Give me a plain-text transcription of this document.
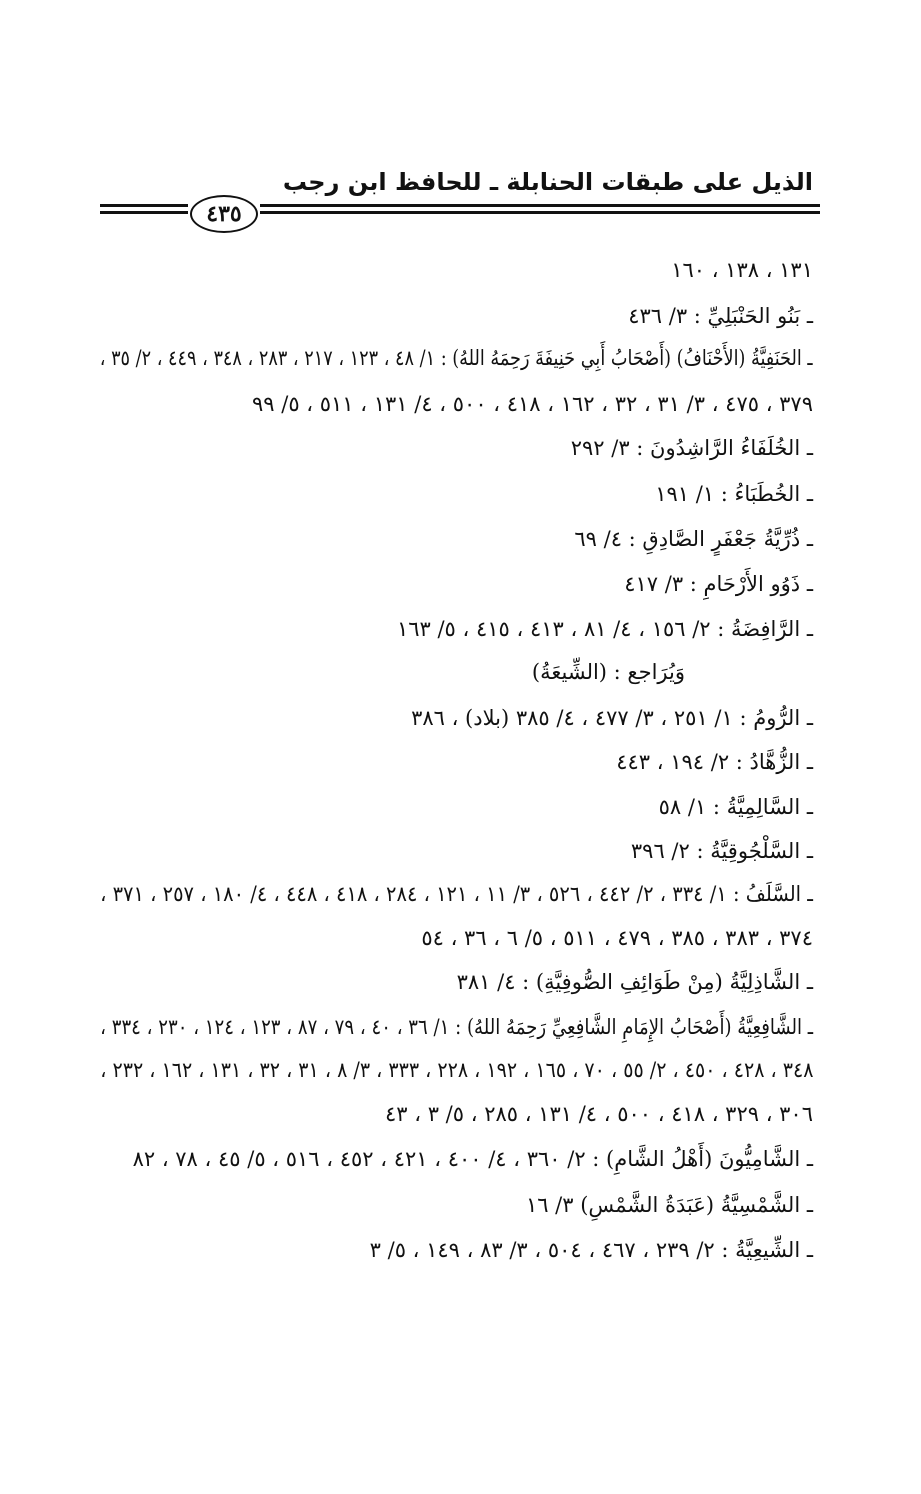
الذيل على طبقات الحنابلة ـ للحافظ ابن رجب
٤٣٥
١٣١ ، ١٣٨ ، ١٦٠
ـ بَنُو الحَنْبَلِيِّ : ٣/ ٤٣٦
ـ الحَنَفِيَّةُ (الأَحْنَافُ) (أَصْحَابُ أَبِي حَنِيفَةَ رَحِمَهُ اللهُ) : ١/ ٤٨ ، ١٢٣ ، ٢١٧ ، ٢٨٣ ، ٣٤٨ ، ٤٤٩ ، ٢/ ٣٥ ،
٣٧٩ ، ٤٧٥ ، ٣/ ٣١ ، ٣٢ ، ١٦٢ ، ٤١٨ ، ٥٠٠ ، ٤/ ١٣١ ، ٥١١ ، ٥/ ٩٩
ـ الخُلَفَاءُ الرَّاشِدُونَ : ٣/ ٢٩٢
ـ الخُطَبَاءُ : ١/ ١٩١
ـ ذُرِّيَّةُ جَعْفَرٍ الصَّادِقِ : ٤/ ٦٩
ـ ذَوُو الأَرْحَامِ : ٣/ ٤١٧
ـ الرَّافِضَةُ : ٢/ ١٥٦ ، ٤/ ٨١ ، ٤١٣ ، ٤١٥ ، ٥/ ١٦٣
وَيُرَاجع : (الشِّيعَةُ)
ـ الرُّومُ : ١/ ٢٥١ ، ٣/ ٤٧٧ ، ٤/ ٣٨٥ (بلاد) ، ٣٨٦
ـ الزُّهَّادُ : ٢/ ١٩٤ ، ٤٤٣
ـ السَّالِمِيَّةُ : ١/ ٥٨
ـ السَّلْجُوقِيَّةُ : ٢/ ٣٩٦
ـ السَّلَفُ : ١/ ٣٣٤ ، ٢/ ٤٤٢ ، ٥٢٦ ، ٣/ ١١ ، ١٢١ ، ٢٨٤ ، ٤١٨ ، ٤٤٨ ، ٤/ ١٨٠ ، ٢٥٧ ، ٣٧١ ،
٣٧٤ ، ٣٨٣ ، ٣٨٥ ، ٤٧٩ ، ٥١١ ، ٥/ ٦ ، ٣٦ ، ٥٤
ـ الشَّاذِلِيَّةُ (مِنْ طَوَائِفِ الصُّوفِيَّةِ) : ٤/ ٣٨١
ـ الشَّافِعِيَّةُ (أَصْحَابُ الإِمَامِ الشَّافِعِيِّ رَحِمَهُ اللهُ) : ١/ ٣٦ ، ٤٠ ، ٧٩ ، ٨٧ ، ١٢٣ ، ١٢٤ ، ٢٣٠ ، ٣٣٤ ،
٣٤٨ ، ٤٢٨ ، ٤٥٠ ، ٢/ ٥٥ ، ٧٠ ، ١٦٥ ، ١٩٢ ، ٢٢٨ ، ٣٣٣ ، ٣/ ٨ ، ٣١ ، ٣٢ ، ١٣١ ، ١٦٢ ، ٢٣٢ ،
٣٠٦ ، ٣٢٩ ، ٤١٨ ، ٥٠٠ ، ٤/ ١٣١ ، ٢٨٥ ، ٥/ ٣ ، ٤٣
ـ الشَّامِيُّونَ (أَهْلُ الشَّامِ) : ٢/ ٣٦٠ ، ٤/ ٤٠٠ ، ٤٢١ ، ٤٥٢ ، ٥١٦ ، ٥/ ٤٥ ، ٧٨ ، ٨٢
ـ الشَّمْسِيَّةُ (عَبَدَةُ الشَّمْسِ) ٣/ ١٦
ـ الشِّيعِيَّةُ : ٢/ ٢٣٩ ، ٤٦٧ ، ٥٠٤ ، ٣/ ٨٣ ، ١٤٩ ، ٥/ ٣
